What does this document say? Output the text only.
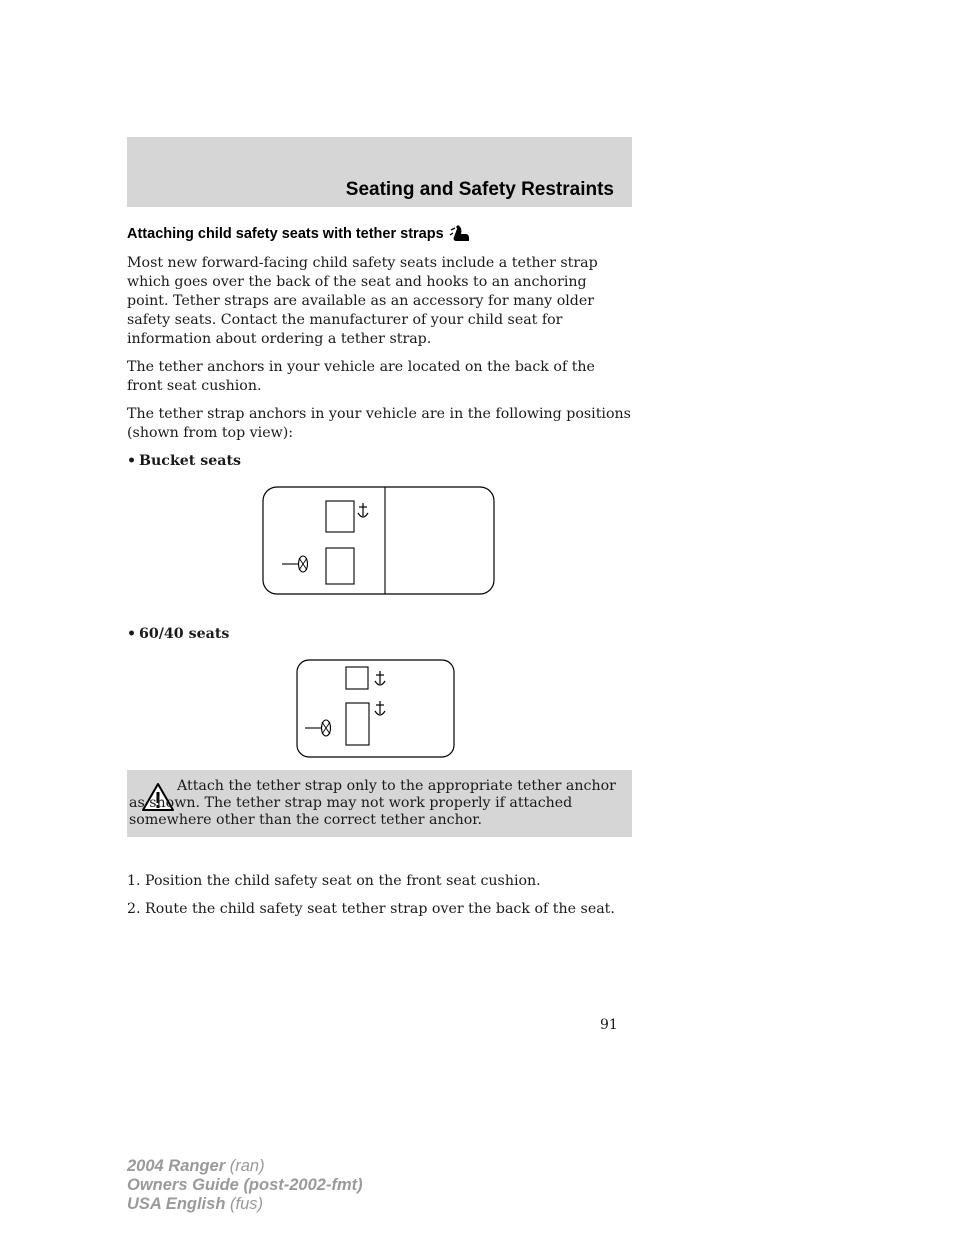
Seating and Safety Restraints
Attaching child safety seats with tether straps

Most new forward-facing child safety seats include a tether strap which goes over the back of the seat and hooks to an anchoring point. Tether straps are available as an accessory for many older safety seats. Contact the manufacturer of your child seat for information about ordering a tether strap.

The tether anchors in your vehicle are located on the back of the front seat cushion.

The tether strap anchors in your vehicle are in the following positions (shown from top view):

• Bucket seats

• 60/40 seats

Attach the tether strap only to the appropriate tether anchor as shown. The tether strap may not work properly if attached somewhere other than the correct tether anchor.

1. Position the child safety seat on the front seat cushion.

2. Route the child safety seat tether strap over the back of the seat.

91
2004 Ranger (ran)
Owners Guide (post-2002-fmt)
USA English (fus)
